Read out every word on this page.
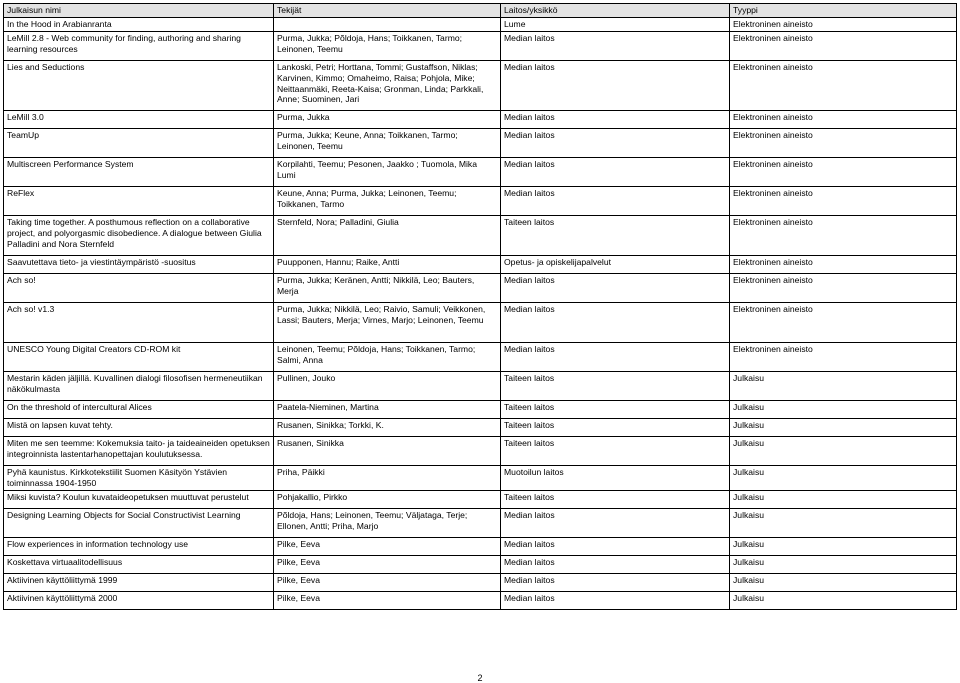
Julkaisun nimi	Tekijät	Laitos/yksikkö	Tyyppi
In the Hood in Arabianranta		Lume	Elektroninen aineisto
LeMill 2.8 - Web community for finding, authoring and sharing learning resources	Purma, Jukka; Põldoja, Hans; Toikkanen, Tarmo; Leinonen, Teemu	Median laitos	Elektroninen aineisto
Lies and Seductions	Lankoski, Petri; Horttana, Tommi; Gustaffson, Niklas; Karvinen, Kimmo; Omaheimo, Raisa; Pohjola, Mike; Neittaanmäki, Reeta-Kaisa; Gronman, Linda; Parkkali, Anne; Suominen, Jari	Median laitos	Elektroninen aineisto
LeMill 3.0	Purma, Jukka	Median laitos	Elektroninen aineisto
TeamUp	Purma, Jukka; Keune, Anna; Toikkanen, Tarmo; Leinonen, Teemu	Median laitos	Elektroninen aineisto
Multiscreen Performance System	Korpilahti, Teemu; Pesonen, Jaakko ; Tuomola, Mika Lumi	Median laitos	Elektroninen aineisto
ReFlex	Keune, Anna; Purma, Jukka; Leinonen, Teemu; Toikkanen, Tarmo	Median laitos	Elektroninen aineisto
Taking time together. A posthumous reflection on a collaborative project, and polyorgasmic disobedience. A dialogue between Giulia Palladini and Nora Sternfeld	Sternfeld, Nora; Palladini, Giulia	Taiteen laitos	Elektroninen aineisto
Saavutettava tieto- ja viestintäympäristö -suositus	Puupponen, Hannu; Raike, Antti	Opetus- ja opiskelijapalvelut	Elektroninen aineisto
Ach so!	Purma, Jukka; Keränen, Antti; Nikkilä, Leo; Bauters, Merja	Median laitos	Elektroninen aineisto
Ach so! v1.3	Purma, Jukka; Nikkilä, Leo; Raivio, Samuli; Veikkonen, Lassi; Bauters, Merja; Virnes, Marjo; Leinonen, Teemu	Median laitos	Elektroninen aineisto
UNESCO Young Digital Creators CD-ROM kit	Leinonen, Teemu; Põldoja, Hans; Toikkanen, Tarmo; Salmi, Anna	Median laitos	Elektroninen aineisto
Mestarin käden jäljillä. Kuvallinen dialogi filosofisen hermeneutiikan näkökulmasta	Pullinen, Jouko	Taiteen laitos	Julkaisu
On the threshold of intercultural Alices	Paatela-Nieminen, Martina	Taiteen laitos	Julkaisu
Mistä on lapsen kuvat tehty.	Rusanen, Sinikka; Torkki, K.	Taiteen laitos	Julkaisu
Miten me sen teemme: Kokemuksia taito- ja taideaineiden opetuksen integroinnista lastentarhanopettajan koulutuksessa.	Rusanen, Sinikka	Taiteen laitos	Julkaisu
Pyhä kaunistus. Kirkkotekstiilit Suomen Käsityön Ystävien toiminnassa 1904-1950	Priha, Päikki	Muotoilun laitos	Julkaisu
Miksi kuvista? Koulun kuvataideopetuksen muuttuvat perustelut	Pohjakallio, Pirkko	Taiteen laitos	Julkaisu
Designing Learning Objects for Social Constructivist Learning	Põldoja, Hans; Leinonen, Teemu; Väljataga, Terje; Ellonen, Antti; Priha, Marjo	Median laitos	Julkaisu
Flow experiences in information technology use	Pilke, Eeva	Median laitos	Julkaisu
Koskettava virtuaalitodellisuus	Pilke, Eeva	Median laitos	Julkaisu
Aktiivinen käyttöliittymä 1999	Pilke, Eeva	Median laitos	Julkaisu
Aktiivinen käyttöliittymä 2000	Pilke, Eeva	Median laitos	Julkaisu
2
